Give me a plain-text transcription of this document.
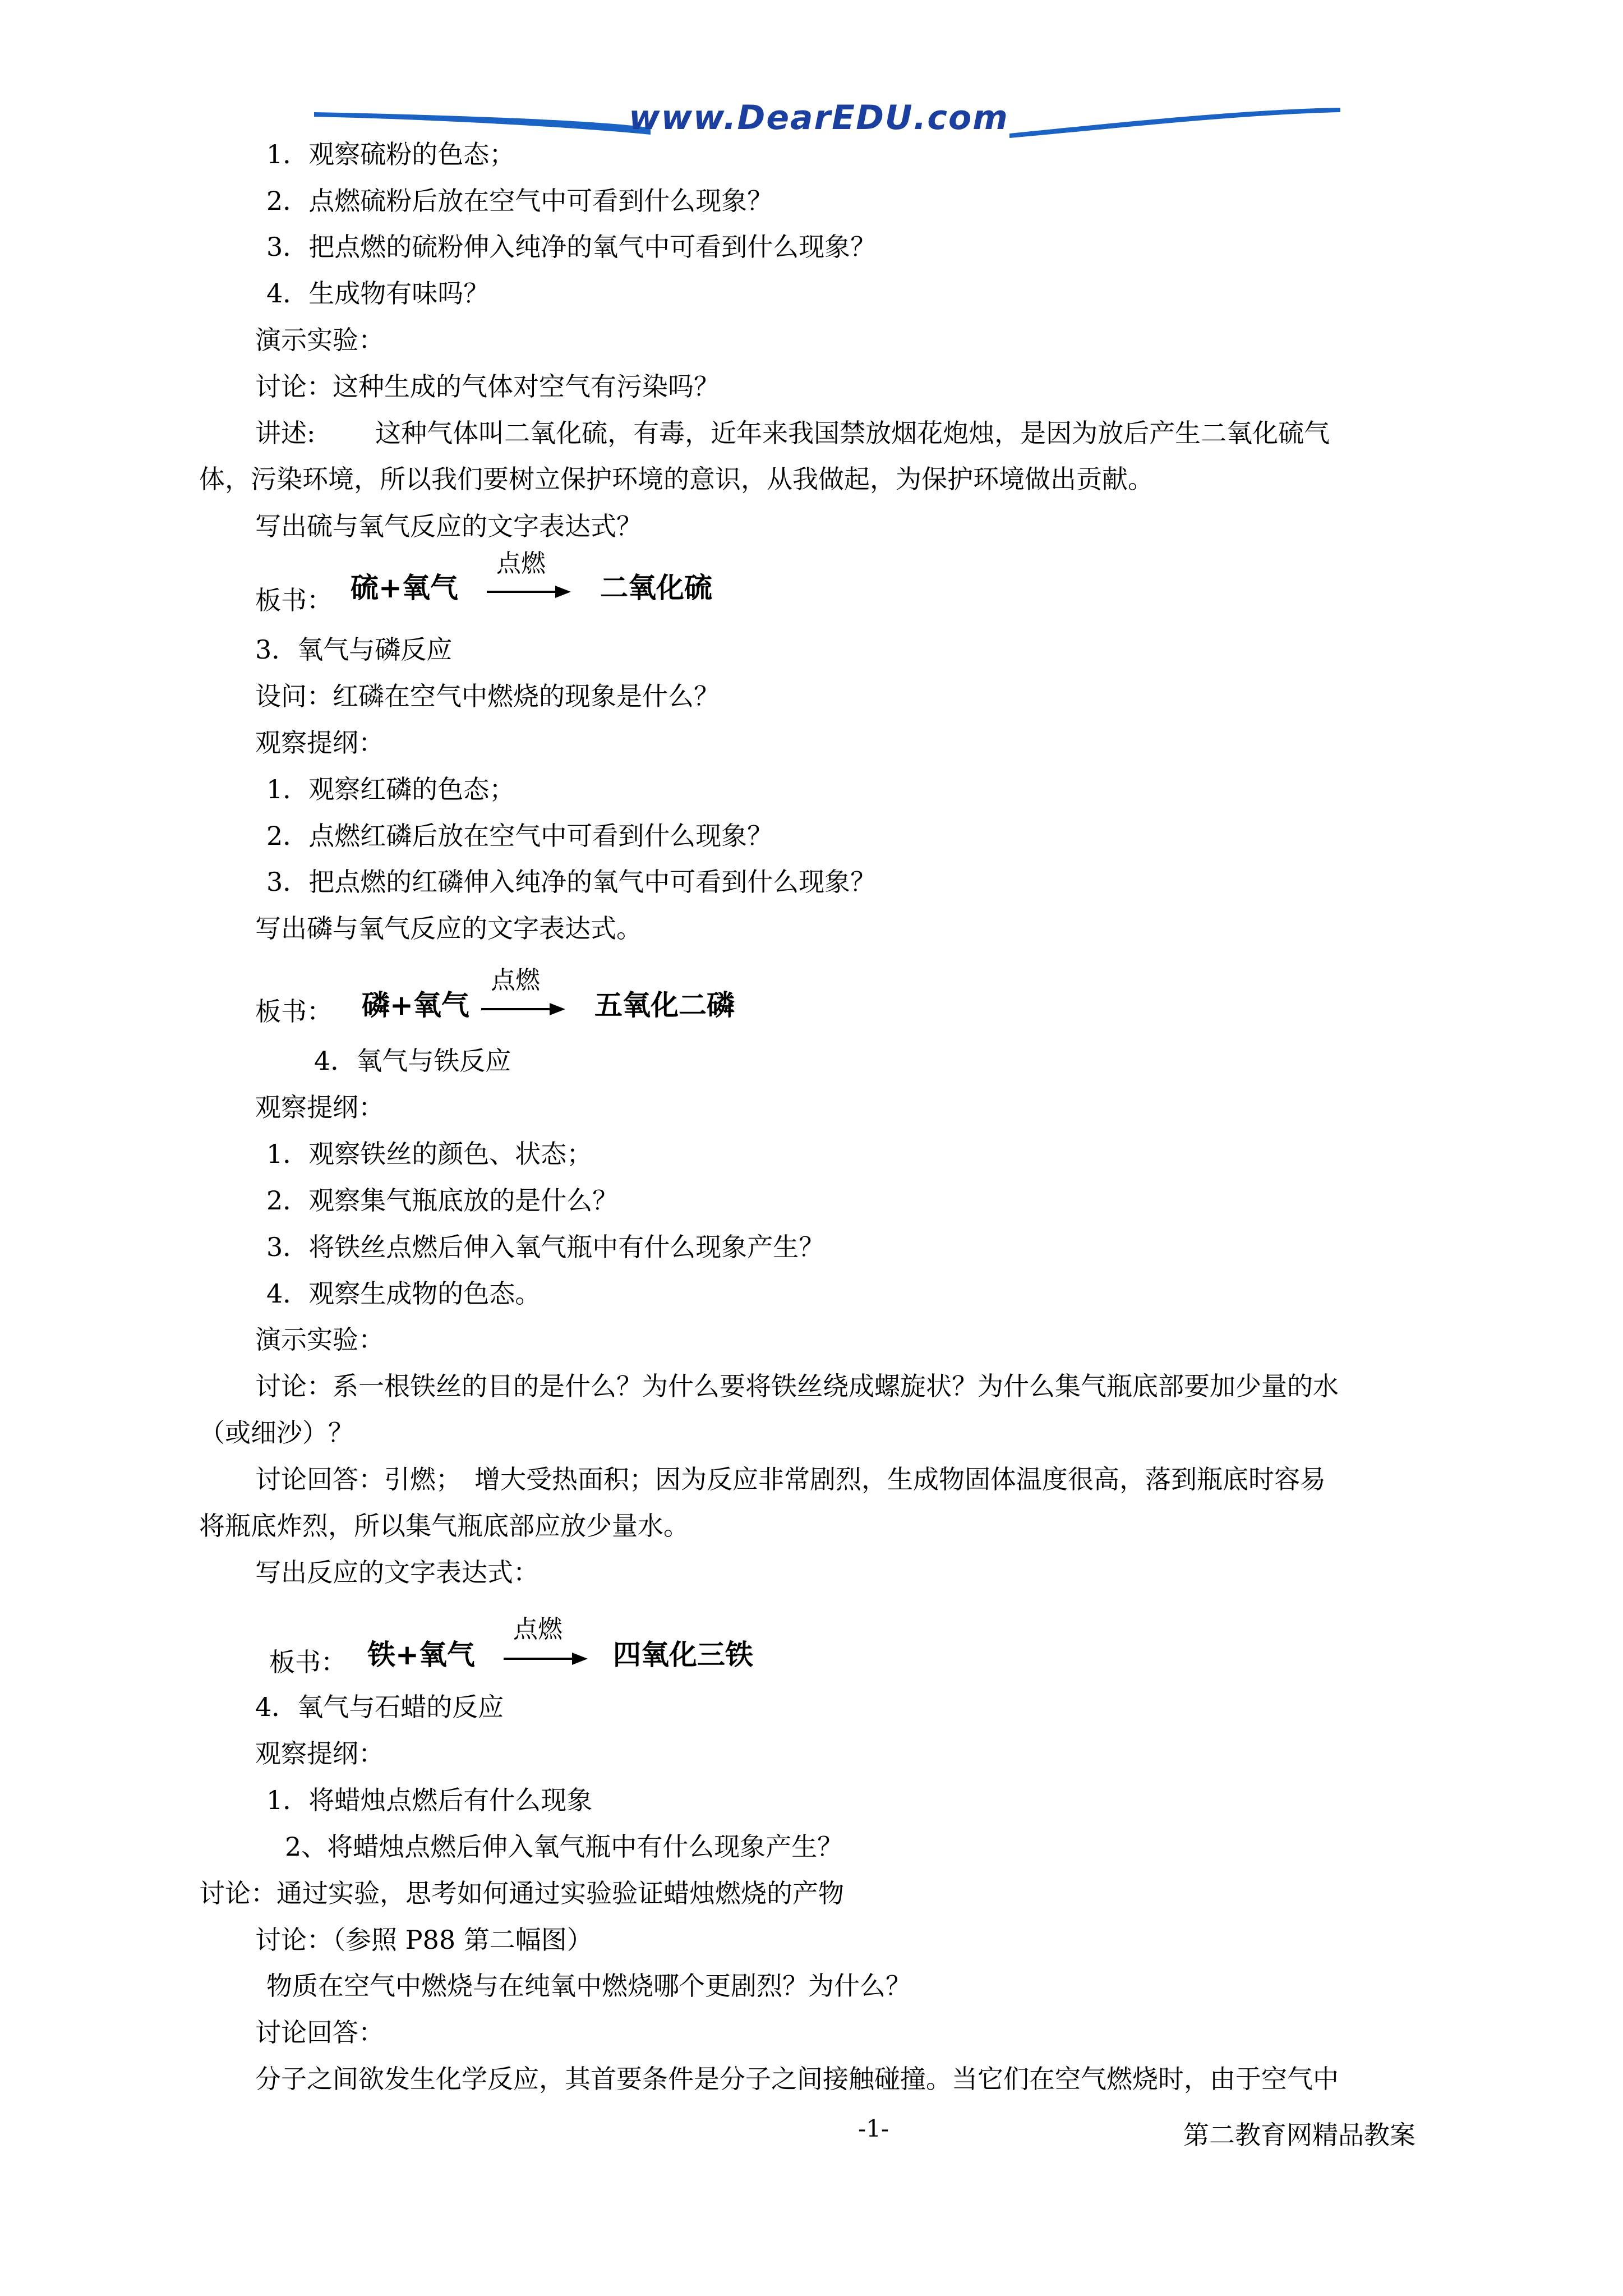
www.DearEDU.com
1．观察硫粉的色态；
2．点燃硫粉后放在空气中可看到什么现象？
3．把点燃的硫粉伸入纯净的氧气中可看到什么现象？
4．生成物有味吗？
演示实验：
讨论：这种生成的气体对空气有污染吗？
讲述:　　 这种气体叫二氧化硫，有毒，近年来我国禁放烟花炮烛，是因为放后产生二氧化硫气
体，污染环境，所以我们要树立保护环境的意识，从我做起，为保护环境做出贡献。
写出硫与氧气反应的文字表达式？
板书：
3．氧气与磷反应
设问：红磷在空气中燃烧的现象是什么？
观察提纲：
1．观察红磷的色态；
2．点燃红磷后放在空气中可看到什么现象？
3．把点燃的红磷伸入纯净的氧气中可看到什么现象？
写出磷与氧气反应的文字表达式。
板书：
4．氧气与铁反应
观察提纲：
1．观察铁丝的颜色、状态；
2．观察集气瓶底放的是什么？
3．将铁丝点燃后伸入氧气瓶中有什么现象产生？
4．观察生成物的色态。
演示实验：
讨论：系一根铁丝的目的是什么？为什么要将铁丝绕成螺旋状？为什么集气瓶底部要加少量的水
（或细沙）？
讨论回答：引燃；　增大受热面积；因为反应非常剧烈，生成物固体温度很高，落到瓶底时容易
将瓶底炸烈，所以集气瓶底部应放少量水。
写出反应的文字表达式：
板书：
4．氧气与石蜡的反应
观察提纲：
1．将蜡烛点燃后有什么现象
2、将蜡烛点燃后伸入氧气瓶中有什么现象产生？
讨论：通过实验，思考如何通过实验验证蜡烛燃烧的产物
讨论：（参照 P88 第二幅图）
物质在空气中燃烧与在纯氧中燃烧哪个更剧烈？为什么？
讨论回答：
分子之间欲发生化学反应，其首要条件是分子之间接触碰撞。当它们在空气燃烧时，由于空气中
硫+氧气
点燃
二氧化硫
磷+氧气
点燃
五氧化二磷
铁+氧气
点燃
四氧化三铁
-1-	第二教育网精品教案
